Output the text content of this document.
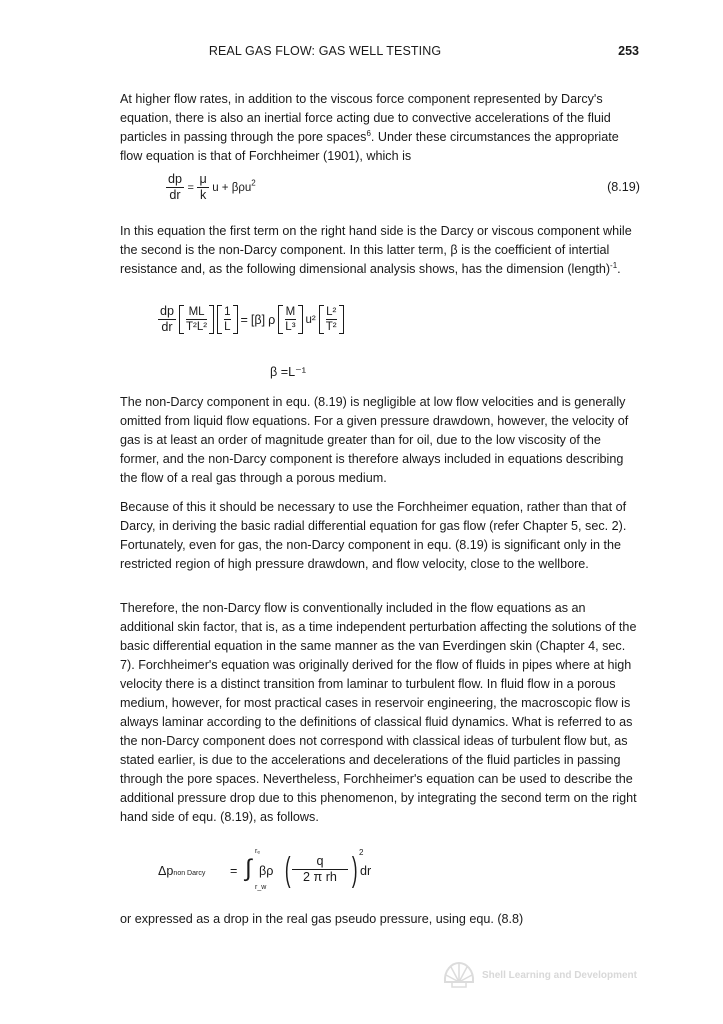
REAL GAS FLOW: GAS WELL TESTING	253

At higher flow rates, in addition to the viscous force component represented by Darcy's equation, there is also an inertial force acting due to convective accelerations of the fluid particles in passing through the pore spaces$^6$. Under these circumstances the appropriate flow equation is that of Forchheimer (1901), which is

$\frac{dp}{dr} = \frac{\mu}{k}$ u + βρu$^2$	(8.19)

In this equation the first term on the right hand side is the Darcy or viscous component while the second is the non-Darcy component. In this latter term, β is the coefficient of intertial resistance and, as the following dimensional analysis shows, has the dimension (length)$^{-1}$.

$\frac{dp}{dr} \frac{ML}{\text{T²L²}} \frac{1}{L} = [\beta]$ ρ $\frac{M}{\text{L³}} u^2 \frac{\text{L²}}{\text{T²}}$
β =L⁻¹

The non-Darcy component in equ. (8.19) is negligible at low flow velocities and is generally omitted from liquid flow equations. For a given pressure drawdown, however, the velocity of gas is at least an order of magnitude greater than for oil, due to the low viscosity of the former, and the non-Darcy component is therefore always included in equations describing the flow of a real gas through a porous medium.

Because of this it should be necessary to use the Forchheimer equation, rather than that of Darcy, in deriving the basic radial differential equation for gas flow (refer Chapter 5, sec. 2). Fortunately, even for gas, the non-Darcy component in equ. (8.19) is significant only in the restricted region of high pressure drawdown, and flow velocity, close to the wellbore.

Therefore, the non-Darcy flow is conventionally included in the flow equations as an additional skin factor, that is, as a time independent perturbation affecting the solutions of the basic differential equation in the same manner as the van Everdingen skin (Chapter 4, sec. 7). Forchheimer's equation was originally derived for the flow of fluids in pipes where at high velocity there is a distinct transition from laminar to turbulent flow. In fluid flow in a porous medium, however, for most practical cases in reservoir engineering, the macroscopic flow is always laminar according to the definitions of classical fluid dynamics. What is referred to as the non-Darcy component does not correspond with classical ideas of turbulent flow but, as stated earlier, is due to the accelerations and decelerations of the fluid particles in passing through the pore spaces. Nevertheless, Forchheimer's equation can be used to describe the additional pressure drop due to this phenomenon, by integrating the second term on the right hand side of equ. (8.19), as follows.

Δpnon Darcy =
rₑ
∫
r_w
βρ ( $\frac{q}{\text{2 π rh}}$ ) 2
dr

or expressed as a drop in the real gas pseudo pressure, using equ. (8.8)

Shell Learning and Development
